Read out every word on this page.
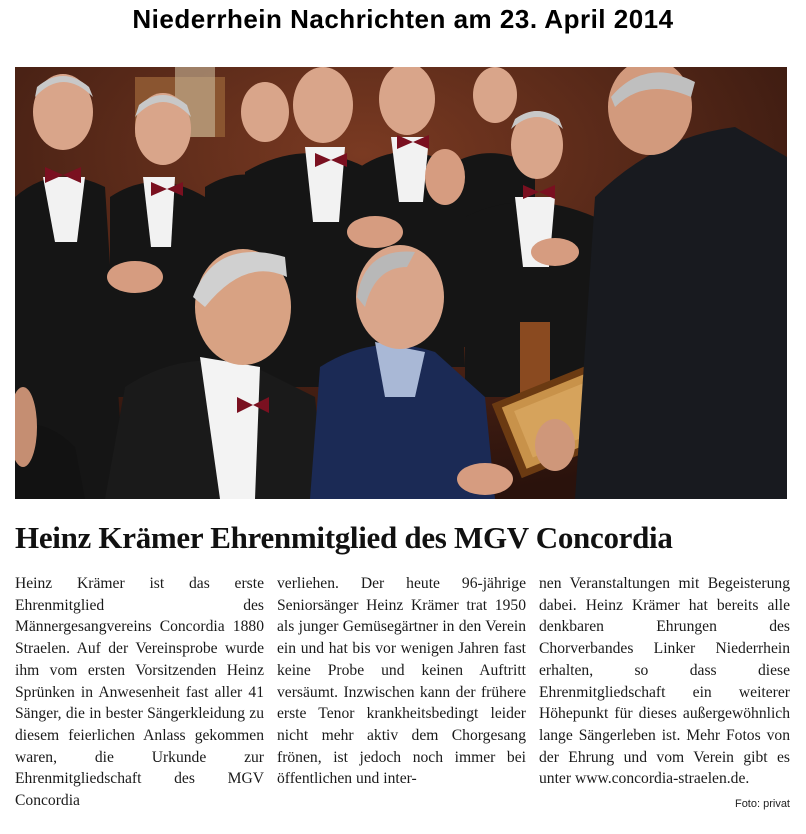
Niederrhein Nachrichten am 23. April 2014
Heinz Krämer Ehrenmitglied des MGV Concordia
Heinz Krämer ist das erste Ehrenmitglied des Männergesangvereins Concordia 1880 Straelen. Auf der Vereinsprobe wurde ihm vom ersten Vorsitzenden Heinz Sprünken in Anwesenheit fast aller 41 Sänger, die in bester Sängerkleidung zu diesem feierlichen Anlass gekommen waren, die Urkunde zur Ehrenmitgliedschaft des MGV Concordia
verliehen. Der heute 96-jährige Seniorsänger Heinz Krämer trat 1950 als junger Gemüsegärtner in den Verein ein und hat bis vor wenigen Jahren fast keine Probe und keinen Auftritt versäumt. Inzwischen kann der frühere erste Tenor krankheitsbedingt leider nicht mehr aktiv dem Chorgesang frönen, ist jedoch noch immer bei öffentlichen und inter-
nen Veranstaltungen mit Begeisterung dabei. Heinz Krämer hat bereits alle denkbaren Ehrungen des Chorverbandes Linker Niederrhein erhalten, so dass diese Ehrenmitgliedschaft ein weiterer Höhepunkt für dieses außergewöhnlich lange Sängerleben ist. Mehr Fotos von der Ehrung und vom Verein gibt es unter www.concordia-straelen.de.
Foto: privat
